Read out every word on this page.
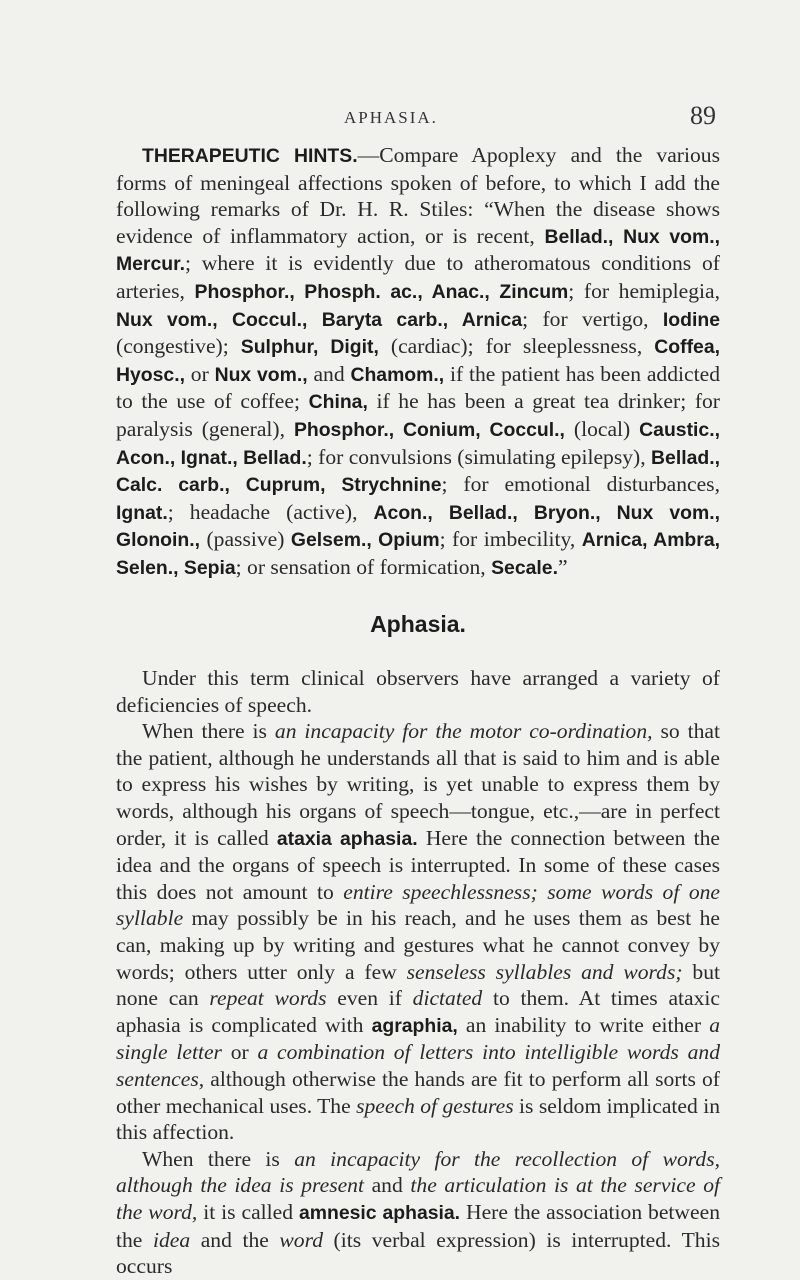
APHASIA.	89

THERAPEUTIC HINTS.—Compare Apoplexy and the various forms of meningeal affections spoken of before, to which I add the following remarks of Dr. H. R. Stiles: “When the disease shows evidence of inflammatory action, or is recent, Bellad., Nux vom., Mercur.; where it is evidently due to atheromatous conditions of arteries, Phosphor., Phosph. ac., Anac., Zincum; for hemiplegia, Nux vom., Coccul., Baryta carb., Arnica; for vertigo, Iodine (congestive); Sulphur, Digit, (cardiac); for sleeplessness, Coffea, Hyosc., or Nux vom., and Chamom., if the patient has been addicted to the use of coffee; China, if he has been a great tea drinker; for paralysis (general), Phosphor., Conium, Coccul., (local) Caustic., Acon., Ignat., Bellad.; for convulsions (simulating epilepsy), Bellad., Calc. carb., Cuprum, Strychnine; for emotional disturbances, Ignat.; headache (active), Acon., Bellad., Bryon., Nux vom., Glonoin., (passive) Gelsem., Opium; for imbecility, Arnica, Ambra, Selen., Sepia; or sensation of formication, Secale.”

Aphasia.

Under this term clinical observers have arranged a variety of deficiencies of speech.

When there is an incapacity for the motor co-ordination, so that the patient, although he understands all that is said to him and is able to express his wishes by writing, is yet unable to express them by words, although his organs of speech—tongue, etc.,—are in perfect order, it is called ataxia aphasia. Here the connection between the idea and the organs of speech is interrupted. In some of these cases this does not amount to entire speechlessness; some words of one syllable may possibly be in his reach, and he uses them as best he can, making up by writing and gestures what he cannot convey by words; others utter only a few senseless syllables and words; but none can repeat words even if dictated to them. At times ataxic aphasia is complicated with agraphia, an inability to write either a single letter or a combination of letters into intelligible words and sentences, although otherwise the hands are fit to perform all sorts of other mechanical uses. The speech of gestures is seldom implicated in this affection.

When there is an incapacity for the recollection of words, although the idea is present and the articulation is at the service of the word, it is called amnesic aphasia. Here the association between the idea and the word (its verbal expression) is interrupted. This occurs
